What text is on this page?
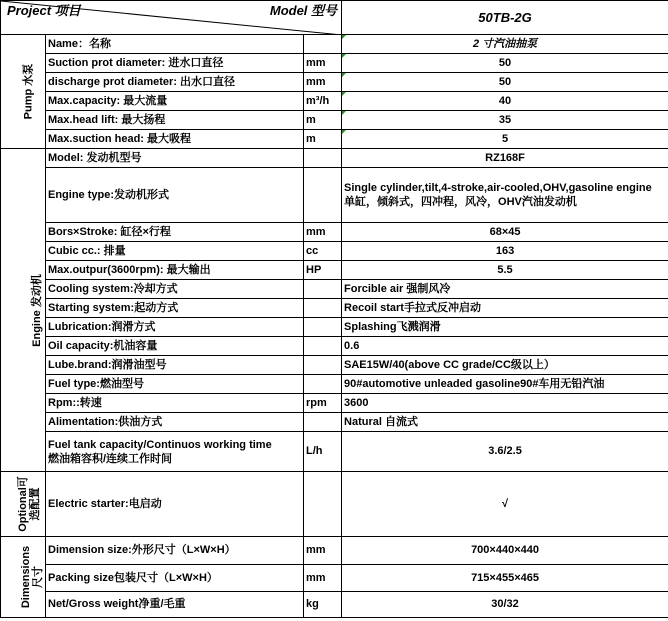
Project 项目 Model 型号			50TB-2G
Pump 水泵	Name：名称		2 寸汽油抽泵
	Suction prot diameter: 进水口直径	mm	50
	discharge prot diameter: 出水口直径	mm	50
	Max.capacity: 最大流量	m³/h	40
	Max.head lift: 最大扬程	m	35
	Max.suction head: 最大吸程	m	5
Engine 发动机	Model: 发动机型号		RZ168F
	Engine type:发动机形式		Single cylinder,tilt,4-stroke,air-cooled,OHV,gasoline engine
单缸，倾斜式，四冲程，风冷，OHV汽油发动机
	Bors×Stroke: 缸径×行程	mm	68×45
	Cubic cc.: 排量	cc	163
	Max.outpur(3600rpm): 最大输出	HP	5.5
	Cooling system:冷却方式		Forcible air 强制风冷
	Starting system:起动方式		Recoil start手拉式反冲启动
	Lubrication:润滑方式		Splashing飞溅润滑
	Oil capacity:机油容量		0.6
	Lube.brand:润滑油型号		SAE15W/40(above CC grade/CC级以上）
	Fuel type:燃油型号		90#automotive unleaded gasoline90#车用无铅汽油
	Rpm::转速	rpm	3600
	Alimentation:供油方式		Natural 自流式
	Fuel tank capacity/Continuos working time
燃油箱容积/连续工作时间	L/h	3.6/2.5
Optional可
选配置	Electric starter:电启动		√
Dimensions
尺寸	Dimension size:外形尺寸（L×W×H）	mm	700×440×440
	Packing size包装尺寸（L×W×H）	mm	715×455×465
	Net/Gross weight净重/毛重	kg	30/32
